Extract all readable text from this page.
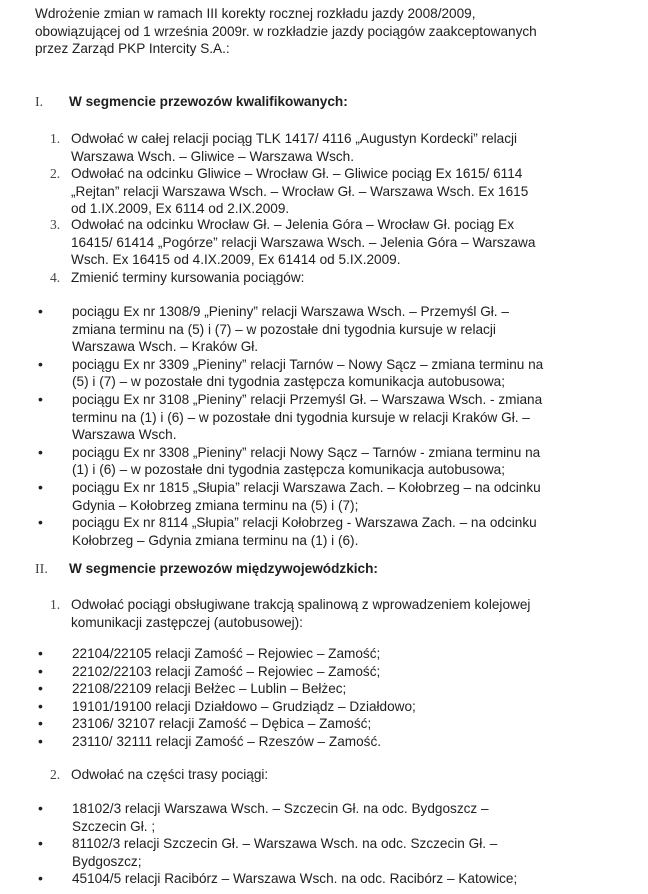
Wdrożenie zmian w ramach III korekty rocznej rozkładu jazdy 2008/2009,

obowiązującej od 1 września 2009r. w rozkładzie jazdy pociągów zaakceptowanych

przez Zarząd PKP Intercity S.A.:

I. W segmencie przewozów kwalifikowanych:
1. Odwołać w całej relacji pociąg TLK 1417/ 4116 „Augustyn Kordecki” relacji
Warszawa Wsch. – Gliwice – Warszawa Wsch.
2. Odwołać na odcinku Gliwice – Wrocław Gł. – Gliwice pociąg Ex 1615/ 6114
„Rejtan” relacji Warszawa Wsch. – Wrocław Gł. – Warszawa Wsch. Ex 1615
od 1.IX.2009, Ex 6114 od 2.IX.2009.
3. Odwołać na odcinku Wrocław Gł. – Jelenia Góra – Wrocław Gł. pociąg Ex
16415/ 61414 „Pogórze” relacji Warszawa Wsch. – Jelenia Góra – Warszawa
Wsch. Ex 16415 od 4.IX.2009, Ex 61414 od 5.IX.2009.
4. Zmienić terminy kursowania pociągów:
•
pociągu Ex nr 1308/9 „Pieniny” relacji Warszawa Wsch. – Przemyśl Gł. –
zmiana terminu na (5) i (7) – w pozostałe dni tygodnia kursuje w relacji
Warszawa Wsch. – Kraków Gł.
•
pociągu Ex nr 3309 „Pieniny” relacji Tarnów – Nowy Sącz – zmiana terminu na
(5) i (7) – w pozostałe dni tygodnia zastępcza komunikacja autobusowa;
•
pociągu Ex nr 3108 „Pieniny” relacji Przemyśl Gł. – Warszawa Wsch. - zmiana
terminu na (1) i (6) – w pozostałe dni tygodnia kursuje w relacji Kraków Gł. –
Warszawa Wsch.
•
pociągu Ex nr 3308 „Pieniny” relacji Nowy Sącz – Tarnów - zmiana terminu na
(1) i (6) – w pozostałe dni tygodnia zastępcza komunikacja autobusowa;
•
pociągu Ex nr 1815 „Słupia” relacji Warszawa Zach. – Kołobrzeg – na odcinku
Gdynia – Kołobrzeg zmiana terminu na (5) i (7);
•
pociągu Ex nr 8114 „Słupia” relacji Kołobrzeg - Warszawa Zach. – na odcinku
Kołobrzeg – Gdynia zmiana terminu na (1) i (6).
II. W segmencie przewozów międzywojewódzkich:
1. Odwołać pociągi obsługiwane trakcją spalinową z wprowadzeniem kolejowej
komunikacji zastępczej (autobusowej):
•
22104/22105 relacji Zamość – Rejowiec – Zamość;
•
22102/22103 relacji Zamość – Rejowiec – Zamość;
•
22108/22109 relacji Bełżec – Lublin – Bełżec;
•
19101/19100 relacji Działdowo – Grudziądz – Działdowo;
•
23106/ 32107 relacji Zamość – Dębica – Zamość;
•
23110/ 32111 relacji Zamość – Rzeszów – Zamość.
2. Odwołać na części trasy pociągi:
•
18102/3 relacji Warszawa Wsch. – Szczecin Gł. na odc. Bydgoszcz –
Szczecin Gł. ;
•
81102/3 relacji Szczecin Gł. – Warszawa Wsch. na odc. Szczecin Gł. –
Bydgoszcz;
•
45104/5 relacji Racibórz – Warszawa Wsch. na odc. Racibórz – Katowice;
